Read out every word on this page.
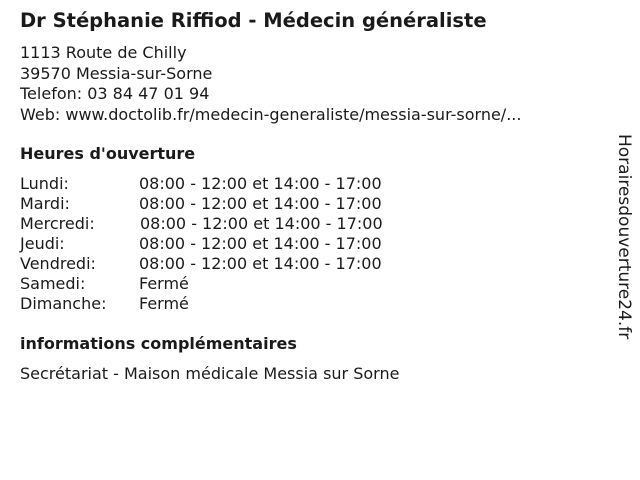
Dr Stéphanie Riffiod - Médecin généraliste
1113 Route de Chilly
39570 Messia-sur-Sorne
Telefon: 03 84 47 01 94
Web: www.doctolib.fr/medecin-generaliste/messia-sur-sorne/...
Heures d'ouverture
Lundi:	08:00 - 12:00 et 14:00 - 17:00
Mardi:	08:00 - 12:00 et 14:00 - 17:00
Mercredi:	08:00 - 12:00 et 14:00 - 17:00
Jeudi:	08:00 - 12:00 et 14:00 - 17:00
Vendredi:	08:00 - 12:00 et 14:00 - 17:00
Samedi:	Fermé
Dimanche: Fermé
informations complémentaires
Secrétariat - Maison médicale Messia sur Sorne
Horairesdouverture24.fr
